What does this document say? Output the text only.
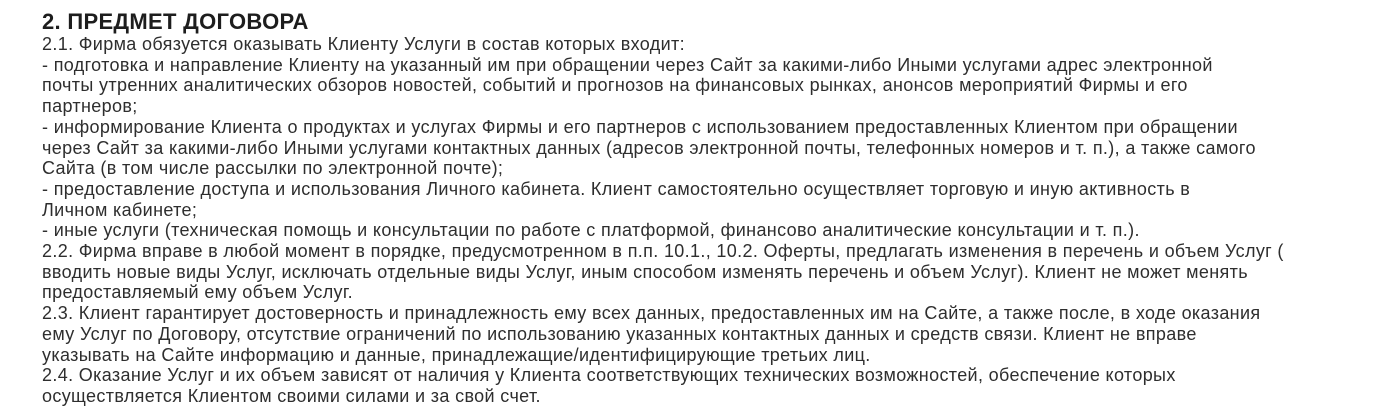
2. ПРЕДМЕТ ДОГОВОРА
2.1. Фирма обязуется оказывать Клиенту Услуги в состав которых входит:
- подготовка и направление Клиенту на указанный им при обращении через Сайт за какими-либо Иными услугами адрес электронной
почты утренних аналитических обзоров новостей, событий и прогнозов на финансовых рынках, анонсов мероприятий Фирмы и его
партнеров;
- информирование Клиента о продуктах и услугах Фирмы и его партнеров с использованием предоставленных Клиентом при обращении
через Сайт за какими-либо Иными услугами контактных данных (адресов электронной почты, телефонных номеров и т. п.), а также самого
Сайта (в том числе рассылки по электронной почте);
- предоставление доступа и использования Личного кабинета. Клиент самостоятельно осуществляет торговую и иную активность в
Личном кабинете;
- иные услуги (техническая помощь и консультации по работе с платформой, финансово аналитические консультации и т. п.).
2.2. Фирма вправе в любой момент в порядке, предусмотренном в п.п. 10.1., 10.2. Оферты, предлагать изменения в перечень и объем Услуг (
вводить новые виды Услуг, исключать отдельные виды Услуг, иным способом изменять перечень и объем Услуг). Клиент не может менять
предоставляемый ему объем Услуг.
2.3. Клиент гарантирует достоверность и принадлежность ему всех данных, предоставленных им на Сайте, а также после, в ходе оказания
ему Услуг по Договору, отсутствие ограничений по использованию указанных контактных данных и средств связи. Клиент не вправе
указывать на Сайте информацию и данные, принадлежащие/идентифицирующие третьих лиц.
2.4. Оказание Услуг и их объем зависят от наличия у Клиента соответствующих технических возможностей, обеспечение которых
осуществляется Клиентом своими силами и за свой счет.
